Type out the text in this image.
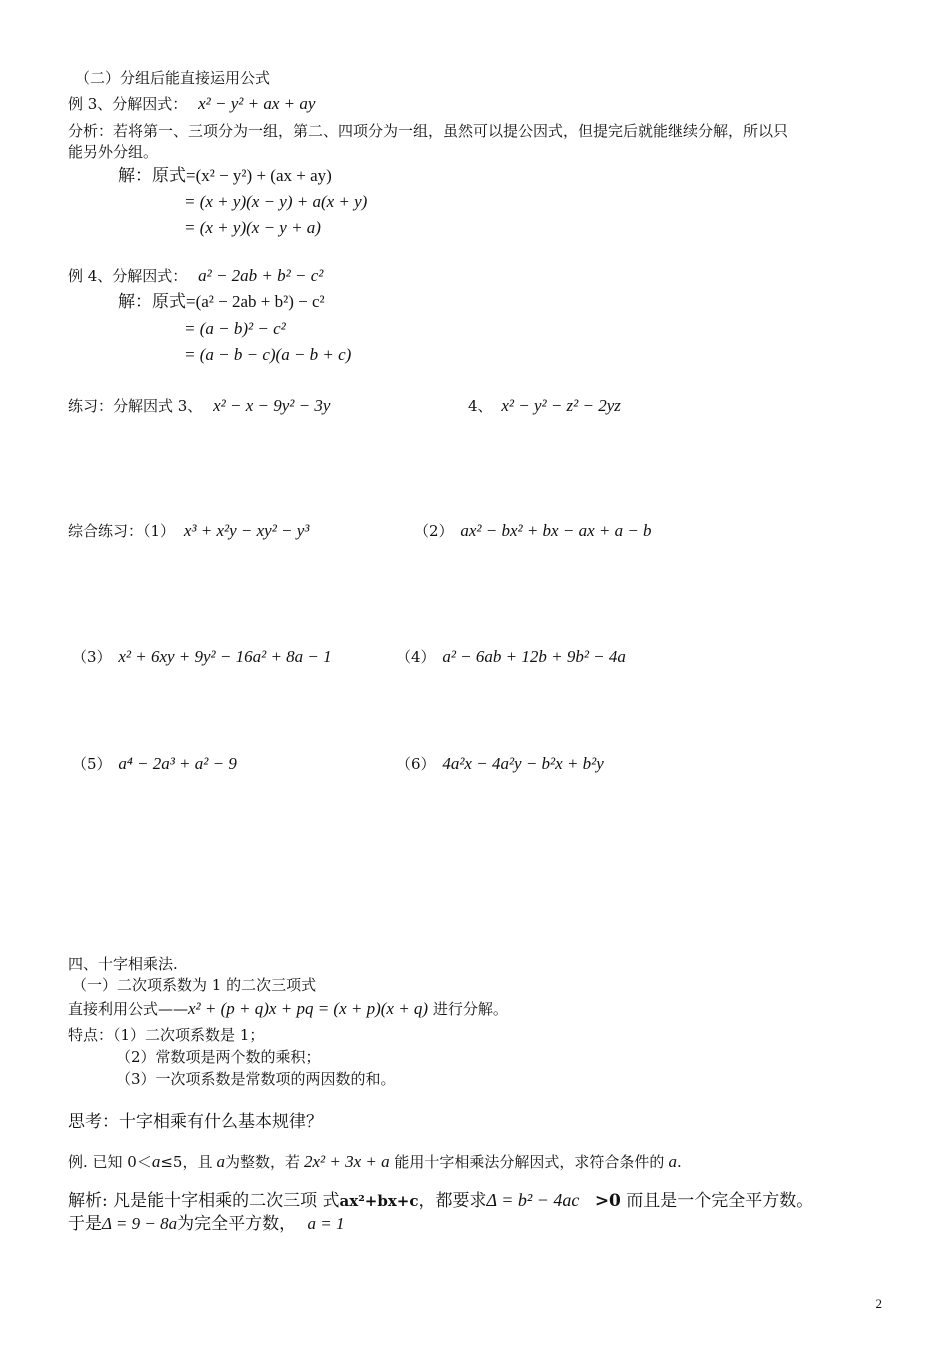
（二）分组后能直接运用公式
例 3、分解因式： x² − y² + ax + ay
分析：若将第一、三项分为一组，第二、四项分为一组，虽然可以提公因式，但提完后就能继续分解，所以只
能另外分组。
解：原式=(x² − y²) + (ax + ay)
= (x + y)(x − y) + a(x + y)
= (x + y)(x − y + a)
例 4、分解因式： a² − 2ab + b² − c²
解：原式=(a² − 2ab + b²) − c²
= (a − b)² − c²
= (a − b − c)(a − b + c)
练习：分解因式 3、 x² − x − 9y² − 3y	4、 x² − y² − z² − 2yz
综合练习：（1） x³ + x²y − xy² − y³	（2） ax² − bx² + bx − ax + a − b
（3） x² + 6xy + 9y² − 16a² + 8a − 1	（4） a² − 6ab + 12b + 9b² − 4a
（5） a⁴ − 2a³ + a² − 9	（6） 4a²x − 4a²y − b²x + b²y
四、十字相乘法.
（一）二次项系数为 1 的二次三项式
直接利用公式——x² + (p + q)x + pq = (x + p)(x + q) 进行分解。
特点：（1）二次项系数是 1；
（2）常数项是两个数的乘积；
（3）一次项系数是常数项的两因数的和。
思考：十字相乘有什么基本规律？
例. 已知 0＜a≤5，且 a为整数，若 2x² + 3x + a 能用十字相乘法分解因式，求符合条件的 a.
解析: 凡是能十字相乘的二次三项 式ax²+bx+c，都要求Δ = b² − 4ac >0 而且是一个完全平方数。
于是Δ = 9 − 8a为完全平方数， a = 1
2
